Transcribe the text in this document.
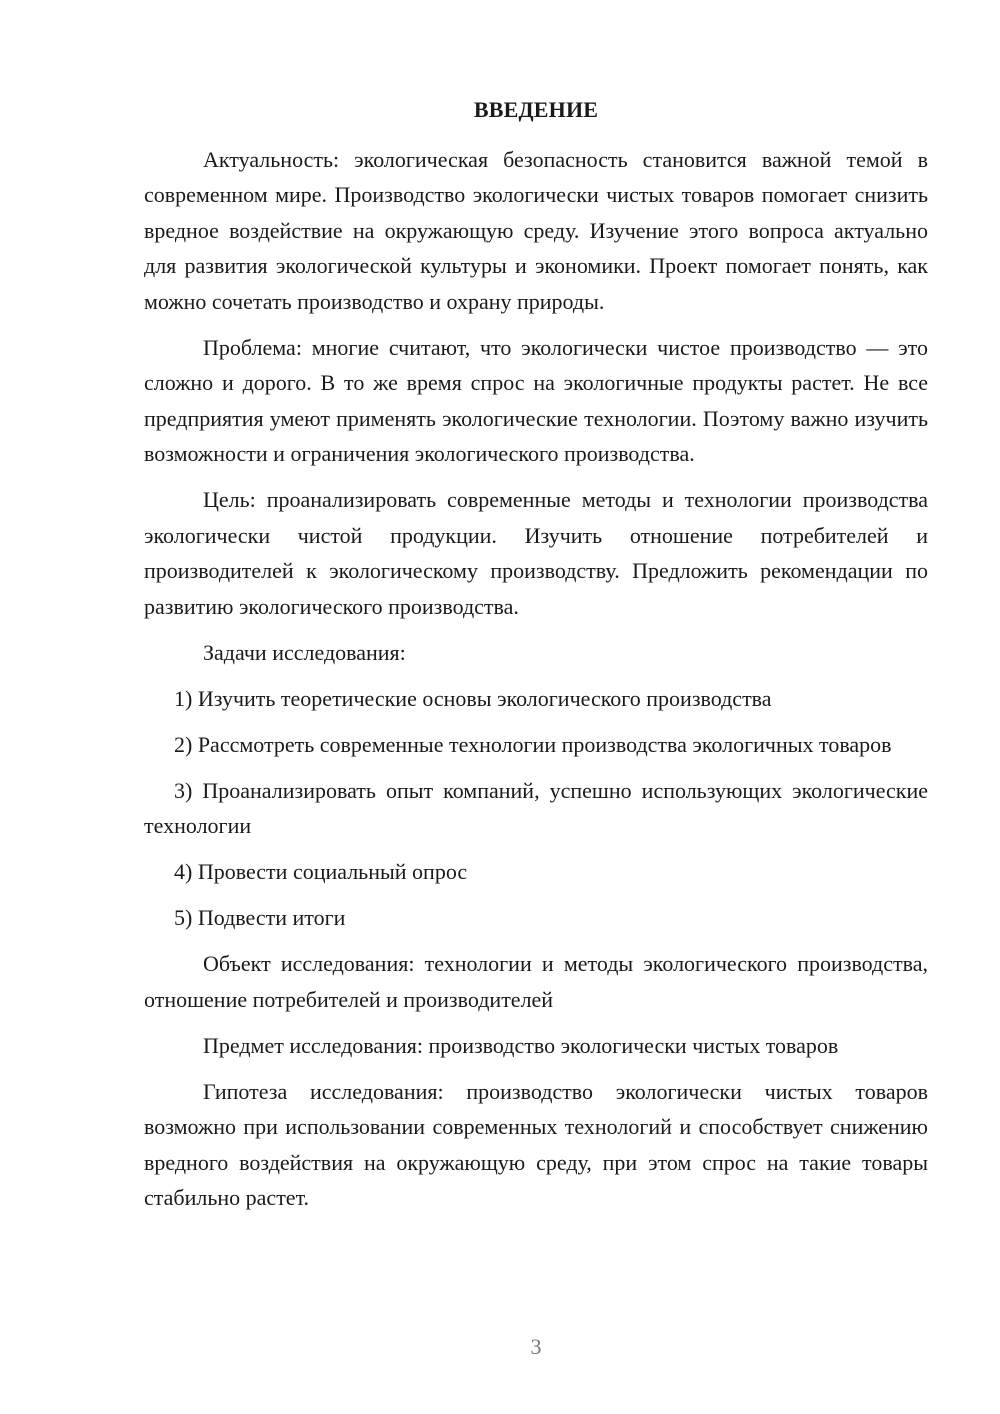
ВВЕДЕНИЕ

Актуальность: экологическая безопасность становится важной темой в современном мире. Производство экологически чистых товаров помогает снизить вредное воздействие на окружающую среду. Изучение этого вопроса актуально для развития экологической культуры и экономики. Проект помогает понять, как можно сочетать производство и охрану природы.

Проблема: многие считают, что экологически чистое производство — это сложно и дорого. В то же время спрос на экологичные продукты растет. Не все предприятия умеют применять экологические технологии. Поэтому важно изучить возможности и ограничения экологического производства.

Цель: проанализировать современные методы и технологии производства экологически чистой продукции. Изучить отношение потребителей и производителей к экологическому производству. Предложить рекомендации по развитию экологического производства.

Задачи исследования:

1) Изучить теоретические основы экологического производства

2) Рассмотреть современные технологии производства экологичных товаров

3) Проанализировать опыт компаний, успешно использующих экологические технологии

4) Провести социальный опрос

5) Подвести итоги

Объект исследования: технологии и методы экологического производства, отношение потребителей и производителей

Предмет исследования: производство экологически чистых товаров

Гипотеза исследования: производство экологически чистых товаров возможно при использовании современных технологий и способствует снижению вредного воздействия на окружающую среду, при этом спрос на такие товары стабильно растет.

3
